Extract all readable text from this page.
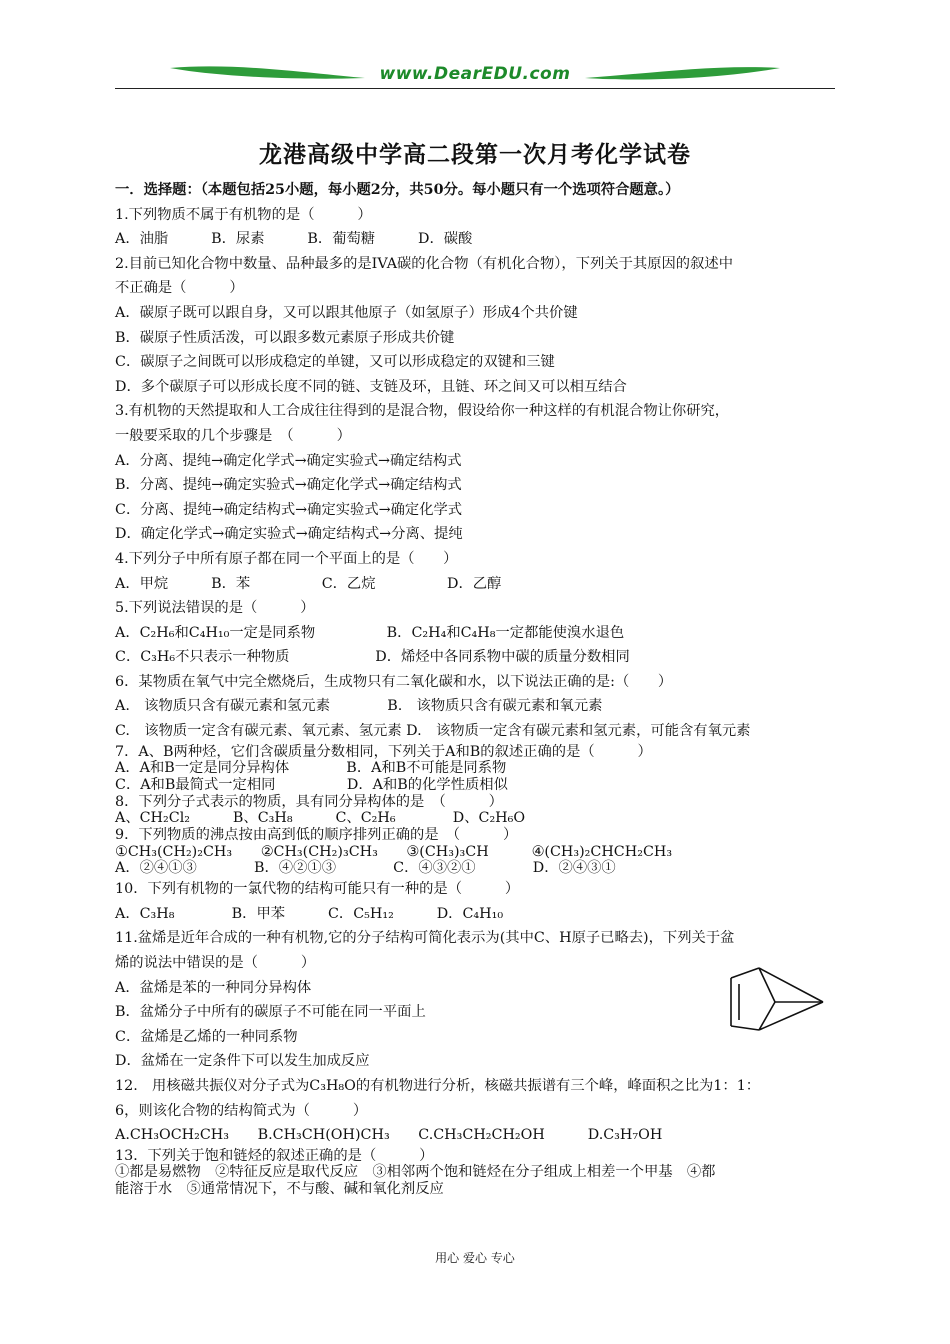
www.DearEDU.com
龙港高级中学高二段第一次月考化学试卷
一．选择题：（本题包括25小题，每小题2分，共50分。每小题只有一个选项符合题意。）
1.下列物质不属于有机物的是（　　　）
A．油脂　　　B．尿素　　　B．葡萄糖　　　D．碳酸
2.目前已知化合物中数量、品种最多的是IVA碳的化合物（有机化合物），下列关于其原因的叙述中
不正确是（　　　）
A．碳原子既可以跟自身，又可以跟其他原子（如氢原子）形成4个共价键
B．碳原子性质活泼，可以跟多数元素原子形成共价键
C．碳原子之间既可以形成稳定的单键，又可以形成稳定的双键和三键
D．多个碳原子可以形成长度不同的链、支链及环，且链、环之间又可以相互结合
3.有机物的天然提取和人工合成往往得到的是混合物，假设给你一种这样的有机混合物让你研究，
一般要采取的几个步骤是　（　　　）
A．分离、提纯→确定化学式→确定实验式→确定结构式
B．分离、提纯→确定实验式→确定化学式→确定结构式
C．分离、提纯→确定结构式→确定实验式→确定化学式
D．确定化学式→确定实验式→确定结构式→分离、提纯
4.下列分子中所有原子都在同一个平面上的是（　　）
A．甲烷　　　B．苯　　　　　C．乙烷　　　　　D．乙醇
5.下列说法错误的是（　　　）
A．C₂H₆和C₄H₁₀一定是同系物　　　　　B．C₂H₄和C₄H₈一定都能使溴水退色
C．C₃H₆不只表示一种物质　　　　　　D．烯烃中各同系物中碳的质量分数相同
6．某物质在氧气中完全燃烧后，生成物只有二氧化碳和水，以下说法正确的是:（　　）
A.　该物质只含有碳元素和氢元素　　　　B.　该物质只含有碳元素和氧元素
C.　该物质一定含有碳元素、氧元素、氢元素 D.　该物质一定含有碳元素和氢元素，可能含有氧元素
7．A、B两种烃，它们含碳质量分数相同，下列关于A和B的叙述正确的是（　　　）
A．A和B一定是同分异构体　　　　B．A和B不可能是同系物
C．A和B最简式一定相同　　　　　D．A和B的化学性质相似
8．下列分子式表示的物质，具有同分异构体的是　（　　　）
A、CH₂Cl₂　　　B、C₃H₈　　　C、C₂H₆　　　　D、C₂H₆O
9．下列物质的沸点按由高到低的顺序排列正确的是　（　　　）
①CH₃(CH₂)₂CH₃　　②CH₃(CH₂)₃CH₃　　③(CH₃)₃CH　　　④(CH₃)₂CHCH₂CH₃
A．②④①③　　　　B．④②①③　　　　C．④③②①　　　　D．②④③①
10．下列有机物的一氯代物的结构可能只有一种的是（　　　）
A．C₃H₈　　　　B．甲苯　　　C．C₅H₁₂　　　D．C₄H₁₀
11.盆烯是近年合成的一种有机物,它的分子结构可简化表示为(其中C、H原子已略去)，下列关于盆
烯的说法中错误的是（　　　）
A．盆烯是苯的一种同分异构体
B．盆烯分子中所有的碳原子不可能在同一平面上
C．盆烯是乙烯的一种同系物
D．盆烯在一定条件下可以发生加成反应
12.　用核磁共振仪对分子式为C₃H₈O的有机物进行分析，核磁共振谱有三个峰，峰面积之比为1：1：
6，则该化合物的结构简式为（　　　）
A.CH₃OCH₂CH₃　　B.CH₃CH(OH)CH₃　　C.CH₃CH₂CH₂OH　　　D.C₃H₇OH
13．下列关于饱和链烃的叙述正确的是（　　　）
①都是易燃物　②特征反应是取代反应　③相邻两个饱和链烃在分子组成上相差一个甲基　④都
能溶于水　⑤通常情况下，不与酸、碱和氧化剂反应
用心 爱心 专心
